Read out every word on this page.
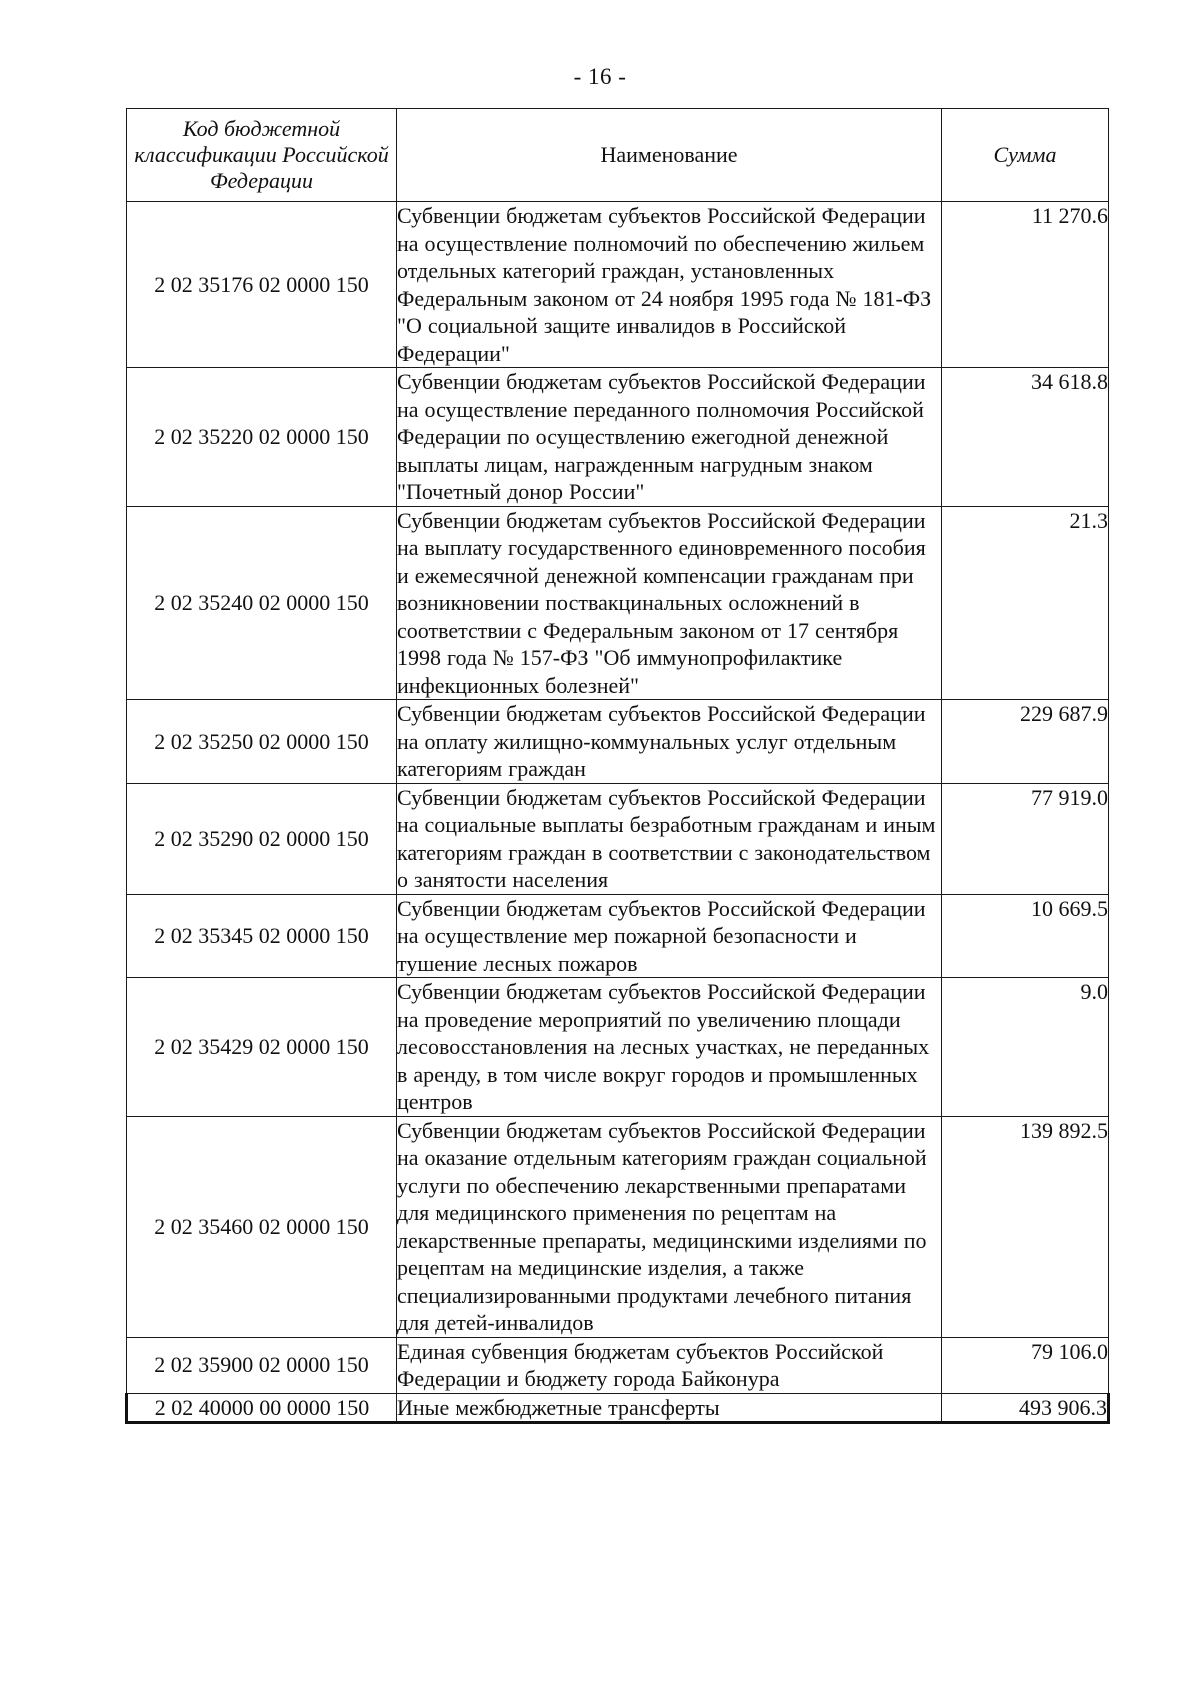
- 16 -
Код бюджетной классификации Российской Федерации	Наименование	Сумма
2 02 35176 02 0000 150	Субвенции бюджетам субъектов Российской Федерации на осуществление полномочий по обеспечению жильем отдельных категорий граждан, установленных Федеральным законом от 24 ноября 1995 года № 181-ФЗ "О социальной защите инвалидов в Российской Федерации"	11 270.6
2 02 35220 02 0000 150	Субвенции бюджетам субъектов Российской Федерации на осуществление переданного полномочия Российской Федерации по осуществлению ежегодной денежной выплаты лицам, награжденным нагрудным знаком "Почетный донор России"	34 618.8
2 02 35240 02 0000 150	Субвенции бюджетам субъектов Российской Федерации на выплату государственного единовременного пособия и ежемесячной денежной компенсации гражданам при возникновении поствакцинальных осложнений в соответствии с Федеральным законом от 17 сентября 1998 года № 157-ФЗ "Об иммунопрофилактике инфекционных болезней"	21.3
2 02 35250 02 0000 150	Субвенции бюджетам субъектов Российской Федерации на оплату жилищно-коммунальных услуг отдельным категориям граждан	229 687.9
2 02 35290 02 0000 150	Субвенции бюджетам субъектов Российской Федерации на социальные выплаты безработным гражданам и иным категориям граждан в соответствии с законодательством о занятости населения	77 919.0
2 02 35345 02 0000 150	Субвенции бюджетам субъектов Российской Федерации на осуществление мер пожарной безопасности и тушение лесных пожаров	10 669.5
2 02 35429 02 0000 150	Субвенции бюджетам субъектов Российской Федерации на проведение мероприятий по увеличению площади лесовосстановления на лесных участках, не переданных в аренду, в том числе вокруг городов и промышленных центров	9.0
2 02 35460 02 0000 150	Субвенции бюджетам субъектов Российской Федерации на оказание отдельным категориям граждан социальной услуги по обеспечению лекарственными препаратами для медицинского применения по рецептам на лекарственные препараты, медицинскими изделиями по рецептам на медицинские изделия, а также специализированными продуктами лечебного питания для детей-инвалидов	139 892.5
2 02 35900 02 0000 150	Единая субвенция бюджетам субъектов Российской Федерации и бюджету города Байконура	79 106.0
2 02 40000 00 0000 150	Иные межбюджетные трансферты	493 906.3
